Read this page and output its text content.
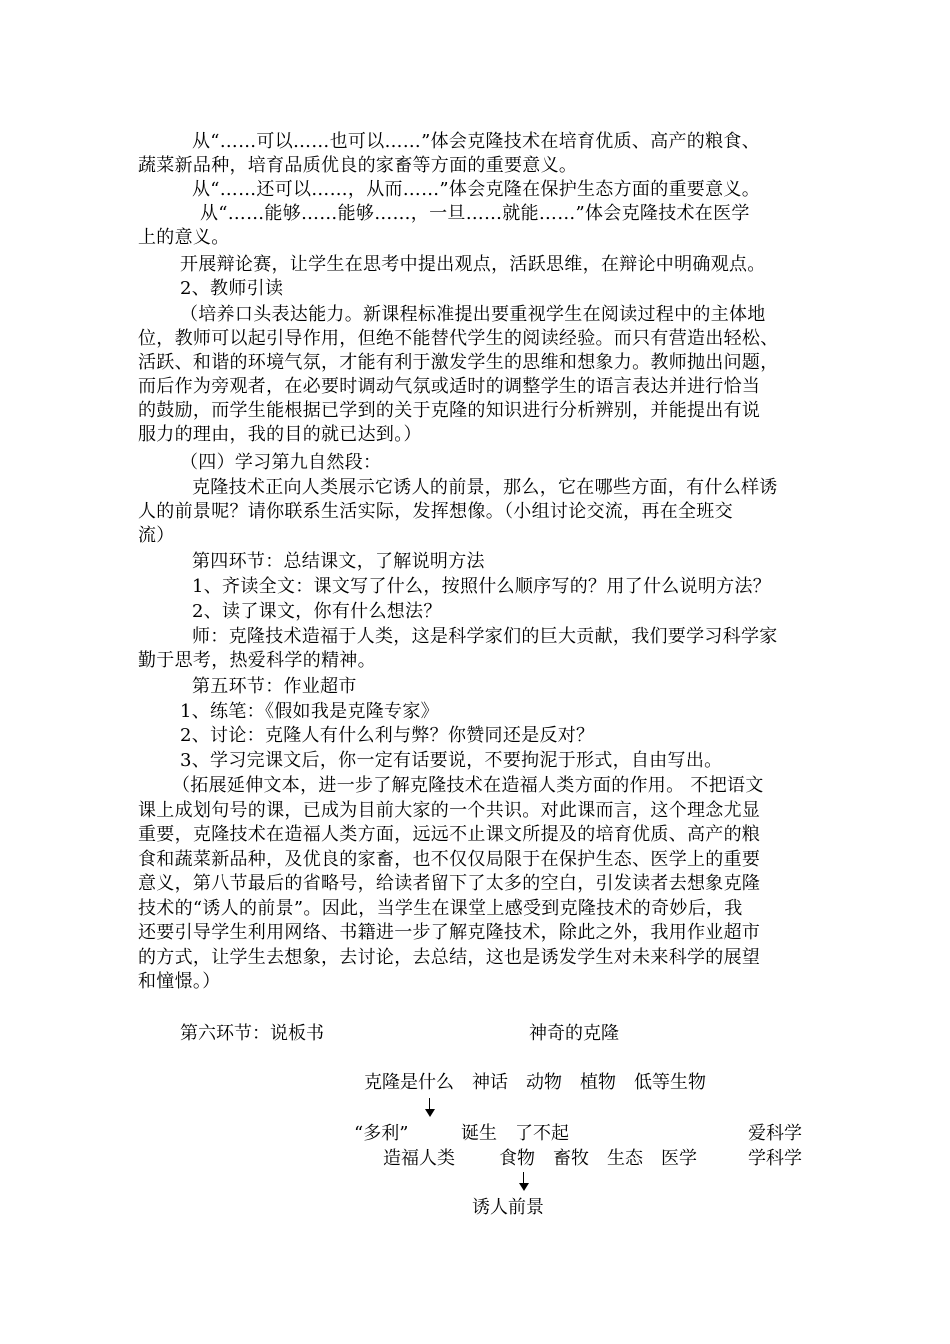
从“……可以……也可以……”体会克隆技术在培育优质、高产的粮食、
蔬菜新品种，培育品质优良的家畜等方面的重要意义。
从“……还可以……，从而……”体会克隆在保护生态方面的重要意义。
从“……能够……能够……，一旦……就能……”体会克隆技术在医学
上的意义。
开展辩论赛，让学生在思考中提出观点，活跃思维，在辩论中明确观点。
2、教师引读
（培养口头表达能力。新课程标准提出要重视学生在阅读过程中的主体地
位，教师可以起引导作用，但绝不能替代学生的阅读经验。而只有营造出轻松、
活跃、和谐的环境气氛，才能有利于激发学生的思维和想象力。教师抛出问题，
而后作为旁观者，在必要时调动气氛或适时的调整学生的语言表达并进行恰当
的鼓励，而学生能根据已学到的关于克隆的知识进行分析辨别，并能提出有说
服力的理由，我的目的就已达到。）
（四）学习第九自然段：
克隆技术正向人类展示它诱人的前景，那么，它在哪些方面，有什么样诱
人的前景呢？请你联系生活实际，发挥想像。（小组讨论交流，再在全班交
流）
第四环节：总结课文，了解说明方法
1、齐读全文：课文写了什么，按照什么顺序写的？用了什么说明方法？
2、读了课文，你有什么想法？
师：克隆技术造福于人类，这是科学家们的巨大贡献，我们要学习科学家
勤于思考，热爱科学的精神。
第五环节：作业超市
1、练笔：《假如我是克隆专家》
2、讨论：克隆人有什么利与弊？你赞同还是反对？
3、学习完课文后，你一定有话要说，不要拘泥于形式，自由写出。
（拓展延伸文本，进一步了解克隆技术在造福人类方面的作用。 不把语文
课上成划句号的课，已成为目前大家的一个共识。对此课而言，这个理念尤显
重要，克隆技术在造福人类方面，远远不止课文所提及的培育优质、高产的粮
食和蔬菜新品种，及优良的家畜，也不仅仅局限于在保护生态、医学上的重要
意义，第八节最后的省略号，给读者留下了太多的空白，引发读者去想象克隆
技术的“诱人的前景”。因此，当学生在课堂上感受到克隆技术的奇妙后，我
还要引导学生利用网络、书籍进一步了解克隆技术，除此之外，我用作业超市
的方式，让学生去想象，去讨论，去总结，这也是诱发学生对未来科学的展望
和憧憬。）
第六环节：说板书	神奇的克隆
克隆是什么　神话　动物　植物　低等生物
“多利”	诞生　了不起	爱科学
造福人类 食物　畜牧　生态　医学	学科学
诱人前景
